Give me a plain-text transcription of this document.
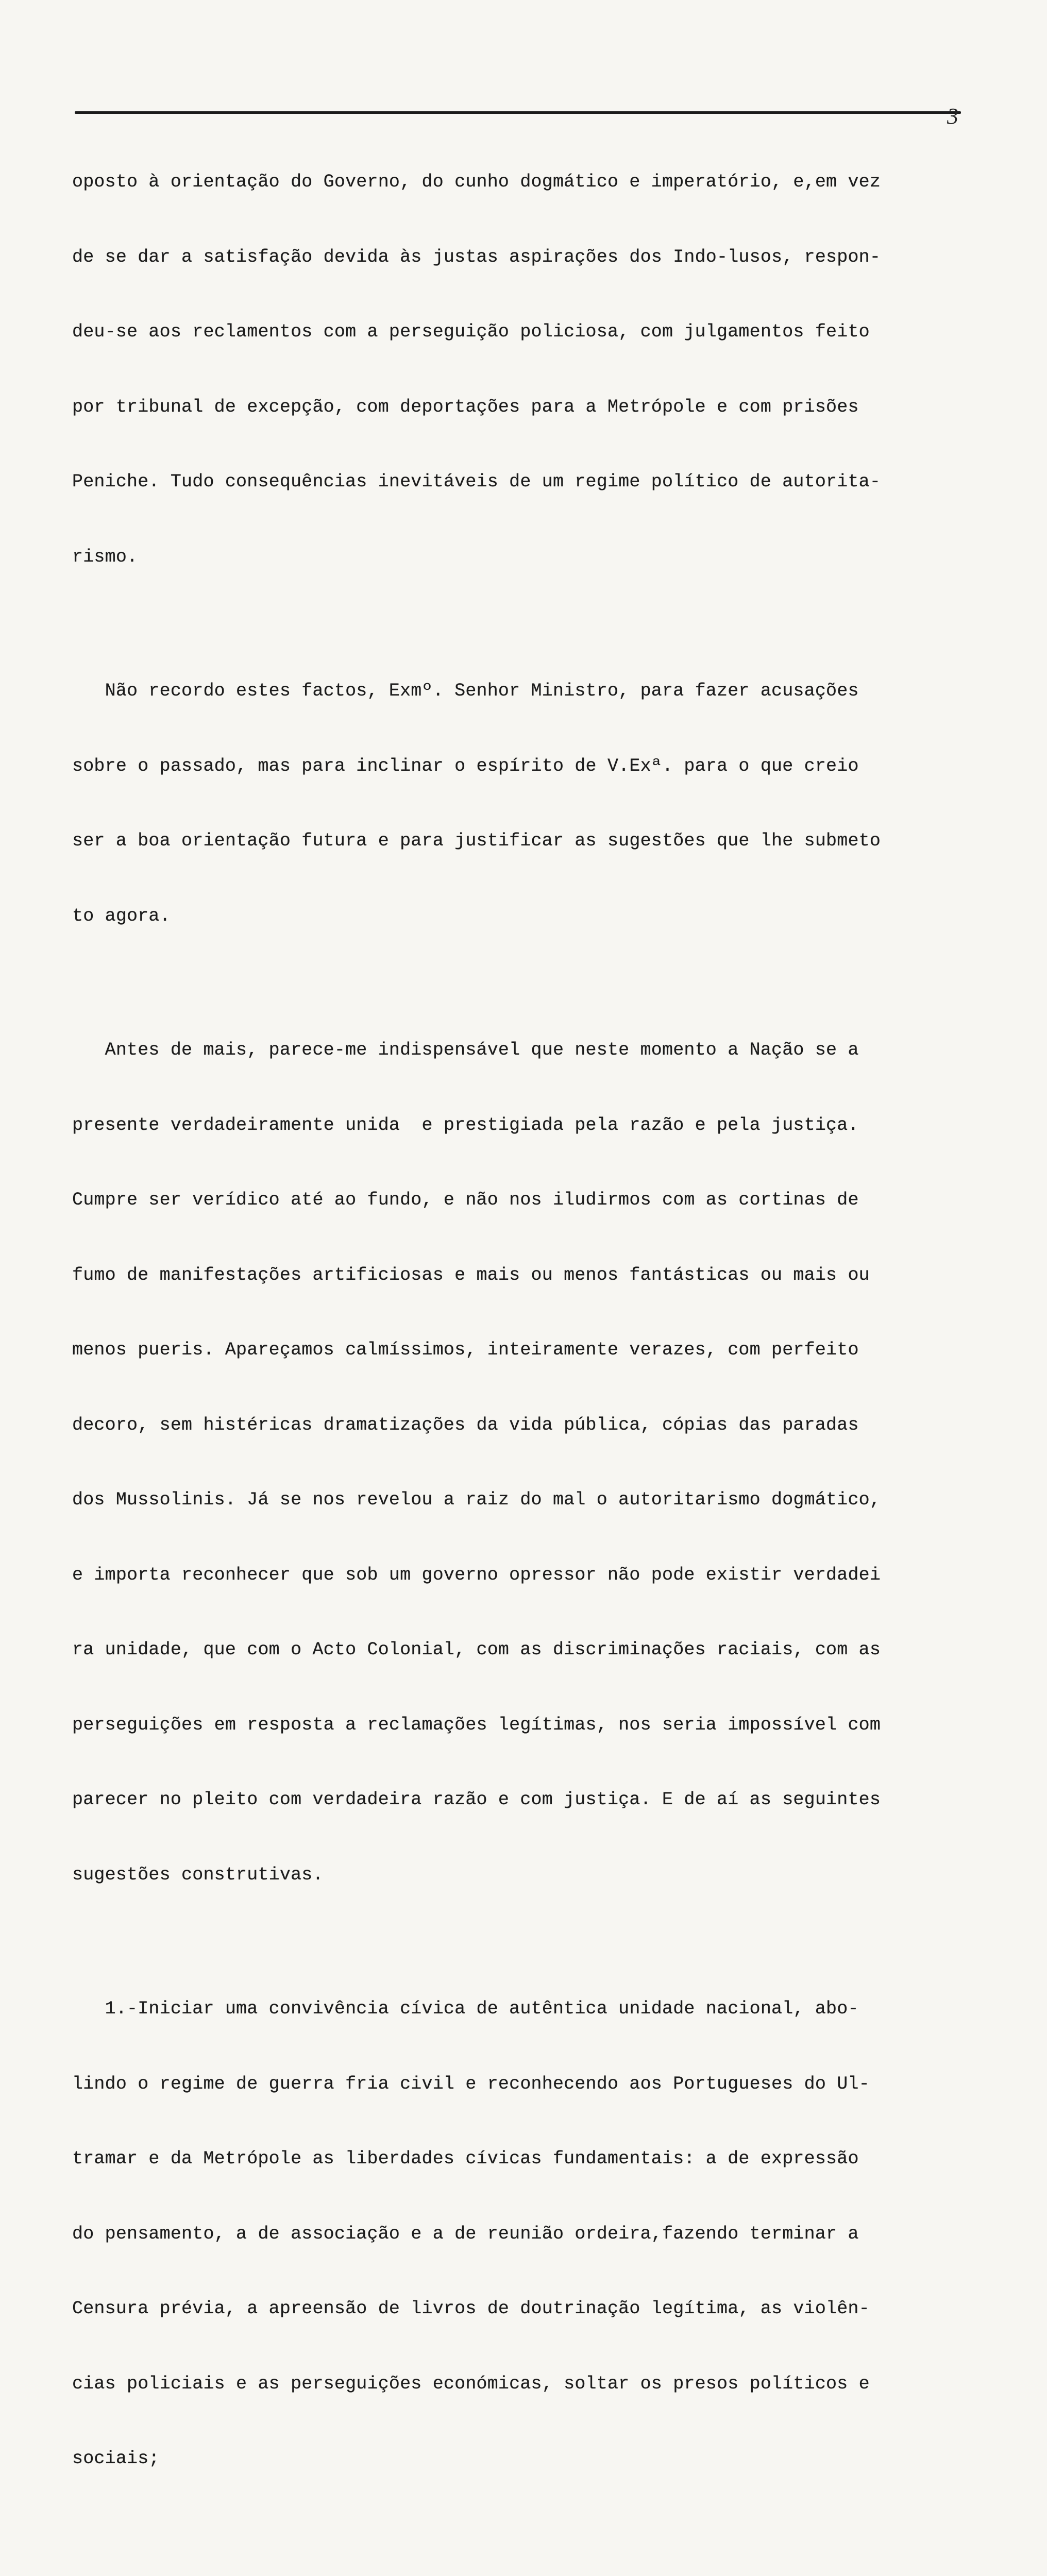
3

oposto à orientação do Governo, do cunho dogmático e imperatório, e,em vez

de se dar a satisfação devida às justas aspirações dos Indo-lusos, respon-

deu-se aos reclamentos com a perseguição policiosa, com julgamentos feito

por tribunal de excepção, com deportações para a Metrópole e com prisões

Peniche. Tudo consequências inevitáveis de um regime político de autorita-

rismo.

Não recordo estes factos, Exmº. Senhor Ministro, para fazer acusações

sobre o passado, mas para inclinar o espírito de V.Exª. para o que creio

ser a boa orientação futura e para justificar as sugestões que lhe submeto

to agora.

Antes de mais, parece-me indispensável que neste momento a Nação se a

presente verdadeiramente unida  e prestigiada pela razão e pela justiça.

Cumpre ser verídico até ao fundo, e não nos iludirmos com as cortinas de

fumo de manifestações artificiosas e mais ou menos fantásticas ou mais ou

menos pueris. Apareçamos calmíssimos, inteiramente verazes, com perfeito

decoro, sem histéricas dramatizações da vida pública, cópias das paradas

dos Mussolinis. Já se nos revelou a raiz do mal o autoritarismo dogmático,

e importa reconhecer que sob um governo opressor não pode existir verdadei

ra unidade, que com o Acto Colonial, com as discriminações raciais, com as

perseguições em resposta a reclamações legítimas, nos seria impossível com

parecer no pleito com verdadeira razão e com justiça. E de aí as seguintes

sugestões construtivas.

1.-Iniciar uma convivência cívica de autêntica unidade nacional, abo-

lindo o regime de guerra fria civil e reconhecendo aos Portugueses do Ul-

tramar e da Metrópole as liberdades cívicas fundamentais: a de expressão

do pensamento, a de associação e a de reunião ordeira,fazendo terminar a

Censura prévia, a apreensão de livros de doutrinação legítima, as violên-

cias policiais e as perseguições económicas, soltar os presos políticos e

sociais;
